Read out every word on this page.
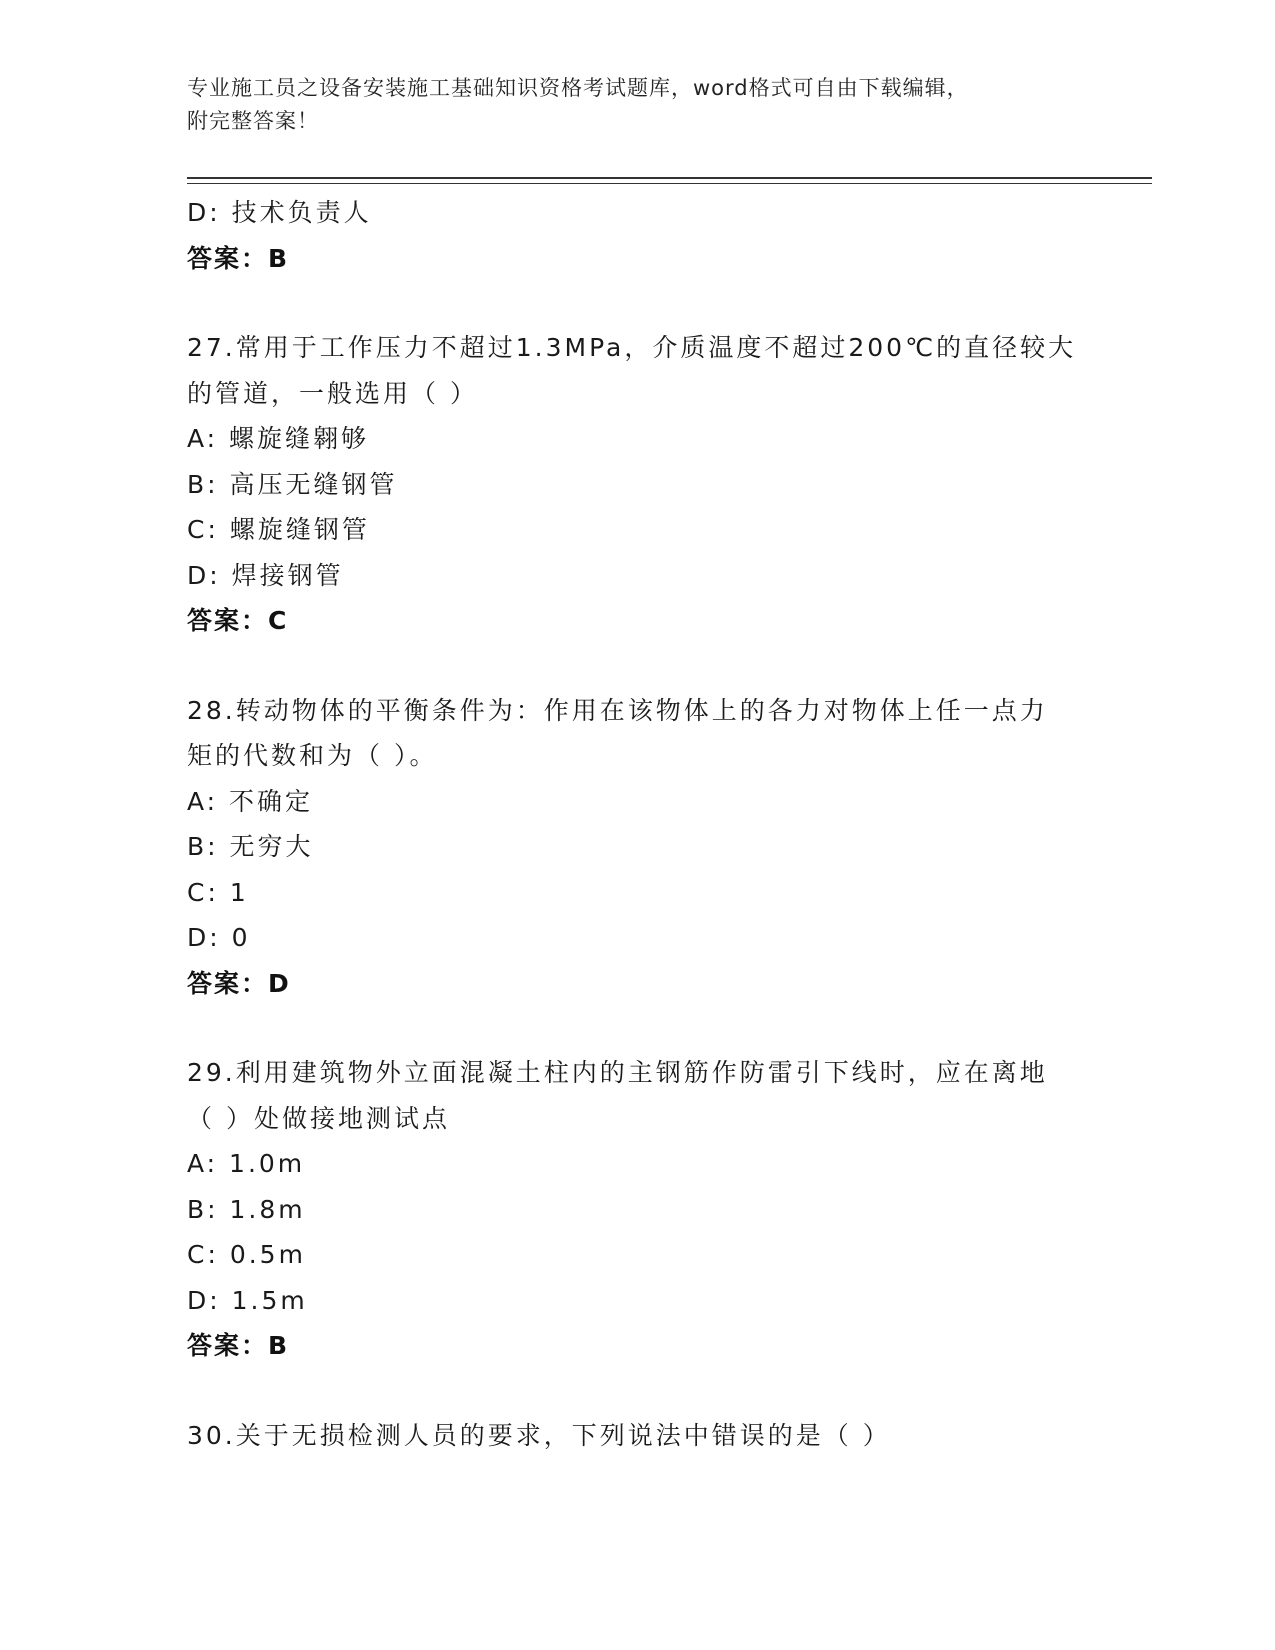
专业施工员之设备安装施工基础知识资格考试题库，word格式可自由下载编辑，
附完整答案！
D: 技术负责人
答案：B
27.常用于工作压力不超过1.3MPa，介质温度不超过200℃的直径较大
的管道，一般选用（ ）
A: 螺旋缝翱够
B: 高压无缝钢管
C: 螺旋缝钢管
D: 焊接钢管
答案：C
28.转动物体的平衡条件为：作用在该物体上的各力对物体上任一点力
矩的代数和为（ ）。
A: 不确定
B: 无穷大
C: 1
D: 0
答案：D
29.利用建筑物外立面混凝土柱内的主钢筋作防雷引下线时，应在离地
（ ）处做接地测试点
A: 1.0m
B: 1.8m
C: 0.5m
D: 1.5m
答案：B
30.关于无损检测人员的要求，下列说法中错误的是（ ）
